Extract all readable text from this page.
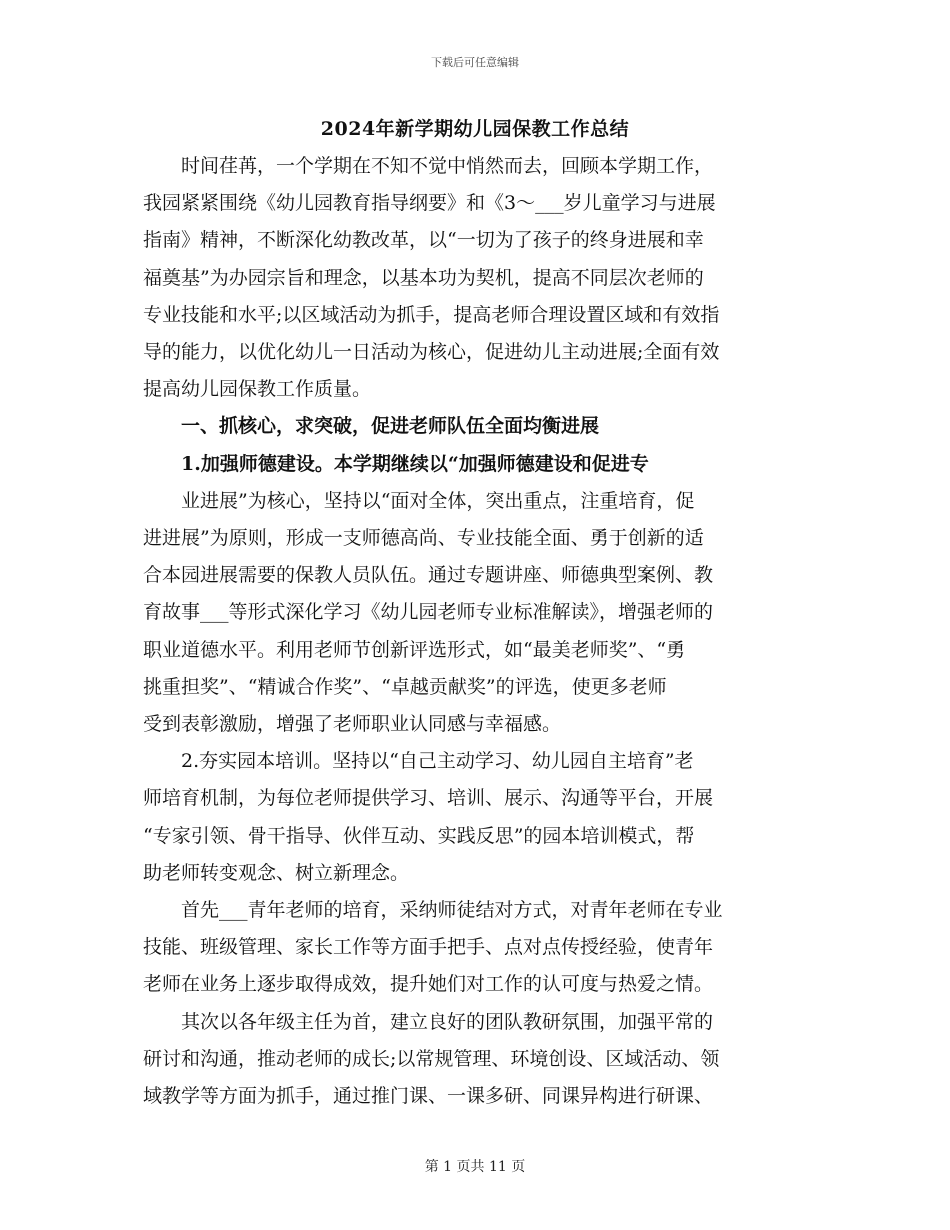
下载后可任意编辑
2024年新学期幼儿园保教工作总结

时间荏苒，一个学期在不知不觉中悄然而去，回顾本学期工作，

我园紧紧围绕《幼儿园教育指导纲要》和《3～___岁儿童学习与进展

指南》精神，不断深化幼教改革，以“一切为了孩子的终身进展和幸

福奠基”为办园宗旨和理念，以基本功为契机，提高不同层次老师的

专业技能和水平;以区域活动为抓手，提高老师合理设置区域和有效指

导的能力，以优化幼儿一日活动为核心，促进幼儿主动进展;全面有效

提高幼儿园保教工作质量。

一、抓核心，求突破，促进老师队伍全面均衡进展

1.加强师德建设。本学期继续以“加强师德建设和促进专

业进展”为核心，坚持以“面对全体，突出重点，注重培育，促

进进展”为原则，形成一支师德高尚、专业技能全面、勇于创新的适

合本园进展需要的保教人员队伍。通过专题讲座、师德典型案例、教

育故事___等形式深化学习《幼儿园老师专业标准解读》，增强老师的

职业道德水平。利用老师节创新评选形式，如“最美老师奖”、“勇

挑重担奖”、“精诚合作奖”、“卓越贡献奖”的评选，使更多老师

受到表彰激励，增强了老师职业认同感与幸福感。

2.夯实园本培训。坚持以“自己主动学习、幼儿园自主培育”老

师培育机制，为每位老师提供学习、培训、展示、沟通等平台，开展

“专家引领、骨干指导、伙伴互动、实践反思”的园本培训模式，帮

助老师转变观念、树立新理念。

首先___青年老师的培育，采纳师徒结对方式，对青年老师在专业

技能、班级管理、家长工作等方面手把手、点对点传授经验，使青年

老师在业务上逐步取得成效，提升她们对工作的认可度与热爱之情。

其次以各年级主任为首，建立良好的团队教研氛围，加强平常的

研讨和沟通，推动老师的成长;以常规管理、环境创设、区域活动、领

域教学等方面为抓手，通过推门课、一课多研、同课异构进行研课、

第 1 页共 11 页
